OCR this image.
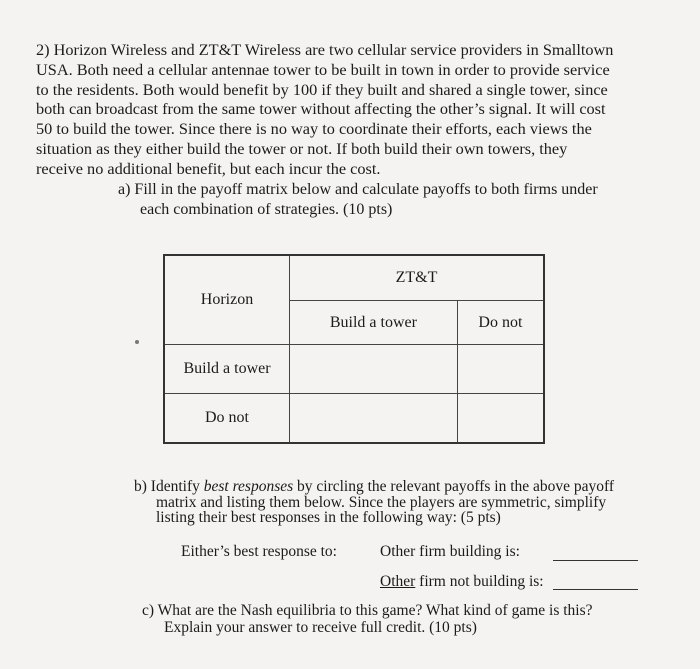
2) Horizon Wireless and ZT&T Wireless are two cellular service providers in Smalltown
USA. Both need a cellular antennae tower to be built in town in order to provide service
to the residents. Both would benefit by 100 if they built and shared a single tower, since
both can broadcast from the same tower without affecting the other’s signal. It will cost
50 to build the tower. Since there is no way to coordinate their efforts, each views the
situation as they either build the tower or not. If both build their own towers, they
receive no additional benefit, but each incur the cost.
a) Fill in the payoff matrix below and calculate payoffs to both firms under
each combination of strategies. (10 pts)
Horizon	ZT&T	
	Build a tower	Do not
Build a tower		
Do not		
b) Identify best responses by circling the relevant payoffs in the above payoff
matrix and listing them below. Since the players are symmetric, simplify
listing their best responses in the following way: (5 pts)
Either’s best response to:	Other firm building is:
Other firm not building is:
c) What are the Nash equilibria to this game? What kind of game is this?
Explain your answer to receive full credit. (10 pts)
